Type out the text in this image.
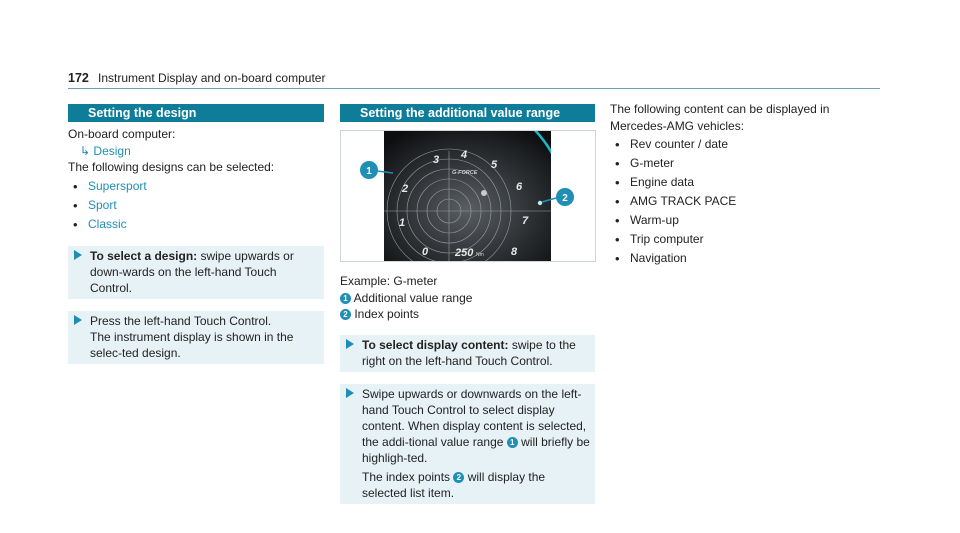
172 Instrument Display and on-board computer
Setting the design

On-board computer:

↳ Design

The following designs can be selected:

• Supersport
• Sport
• Classic
To select a design: swipe upwards or down-wards on the left-hand Touch Control.
Press the left-hand Touch Control.
The instrument display is shown in the selec-ted design.
Setting the additional value range
0
1
2
3 4
5
6
7
8
G-FORCE
250 Nm
1
2

Example: G-meter

1 Additional value range

2 Index points

To select display content: swipe to the right on the left-hand Touch Control.
Swipe upwards or downwards on the left-hand Touch Control to select display content. When display content is selected, the addi-tional value range 1 will briefly be highligh-ted.
The index points 2 will display the selected list item.

The following content can be displayed in Mercedes-AMG vehicles:

• Rev counter / date
• G-meter
• Engine data
• AMG TRACK PACE
• Warm-up
• Trip computer
• Navigation
